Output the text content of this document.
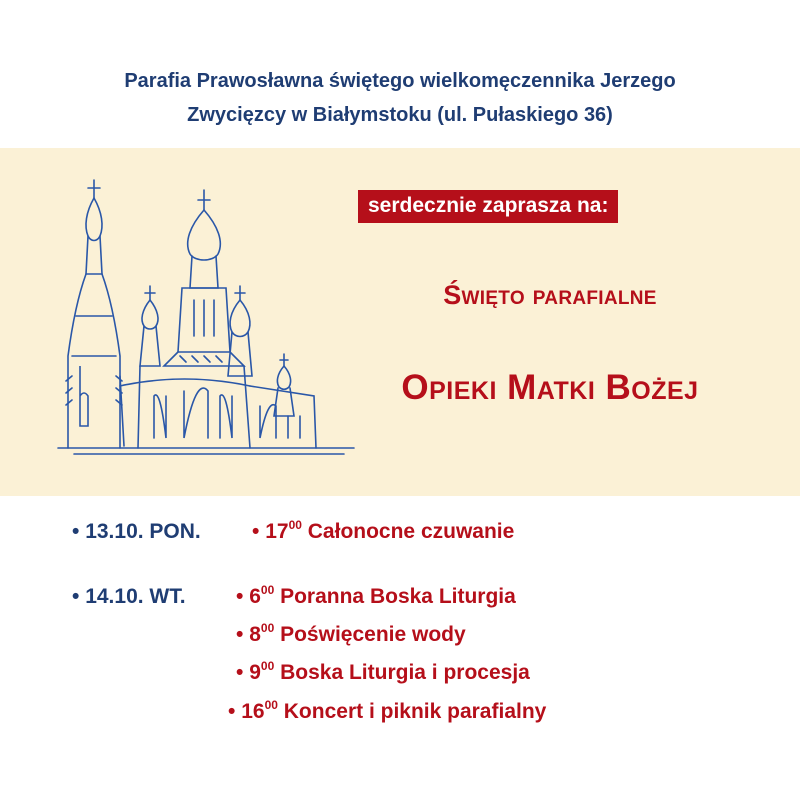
Parafia Prawosławna świętego wielkomęczennika Jerzego
Zwycięzcy w Białymstoku (ul. Pułaskiego 36)
serdecznie zaprasza na:
Święto parafialne
Opieki Matki Bożej
• 13.10. PON. • $17^{00}$ Całonocne czuwanie
• 14.10. WT. • $6^{00}$ Poranna Boska Liturgia
• $8^{00}$ Poświęcenie wody
• $9^{00}$ Boska Liturgia i procesja
• $16^{00}$ Koncert i piknik parafialny
